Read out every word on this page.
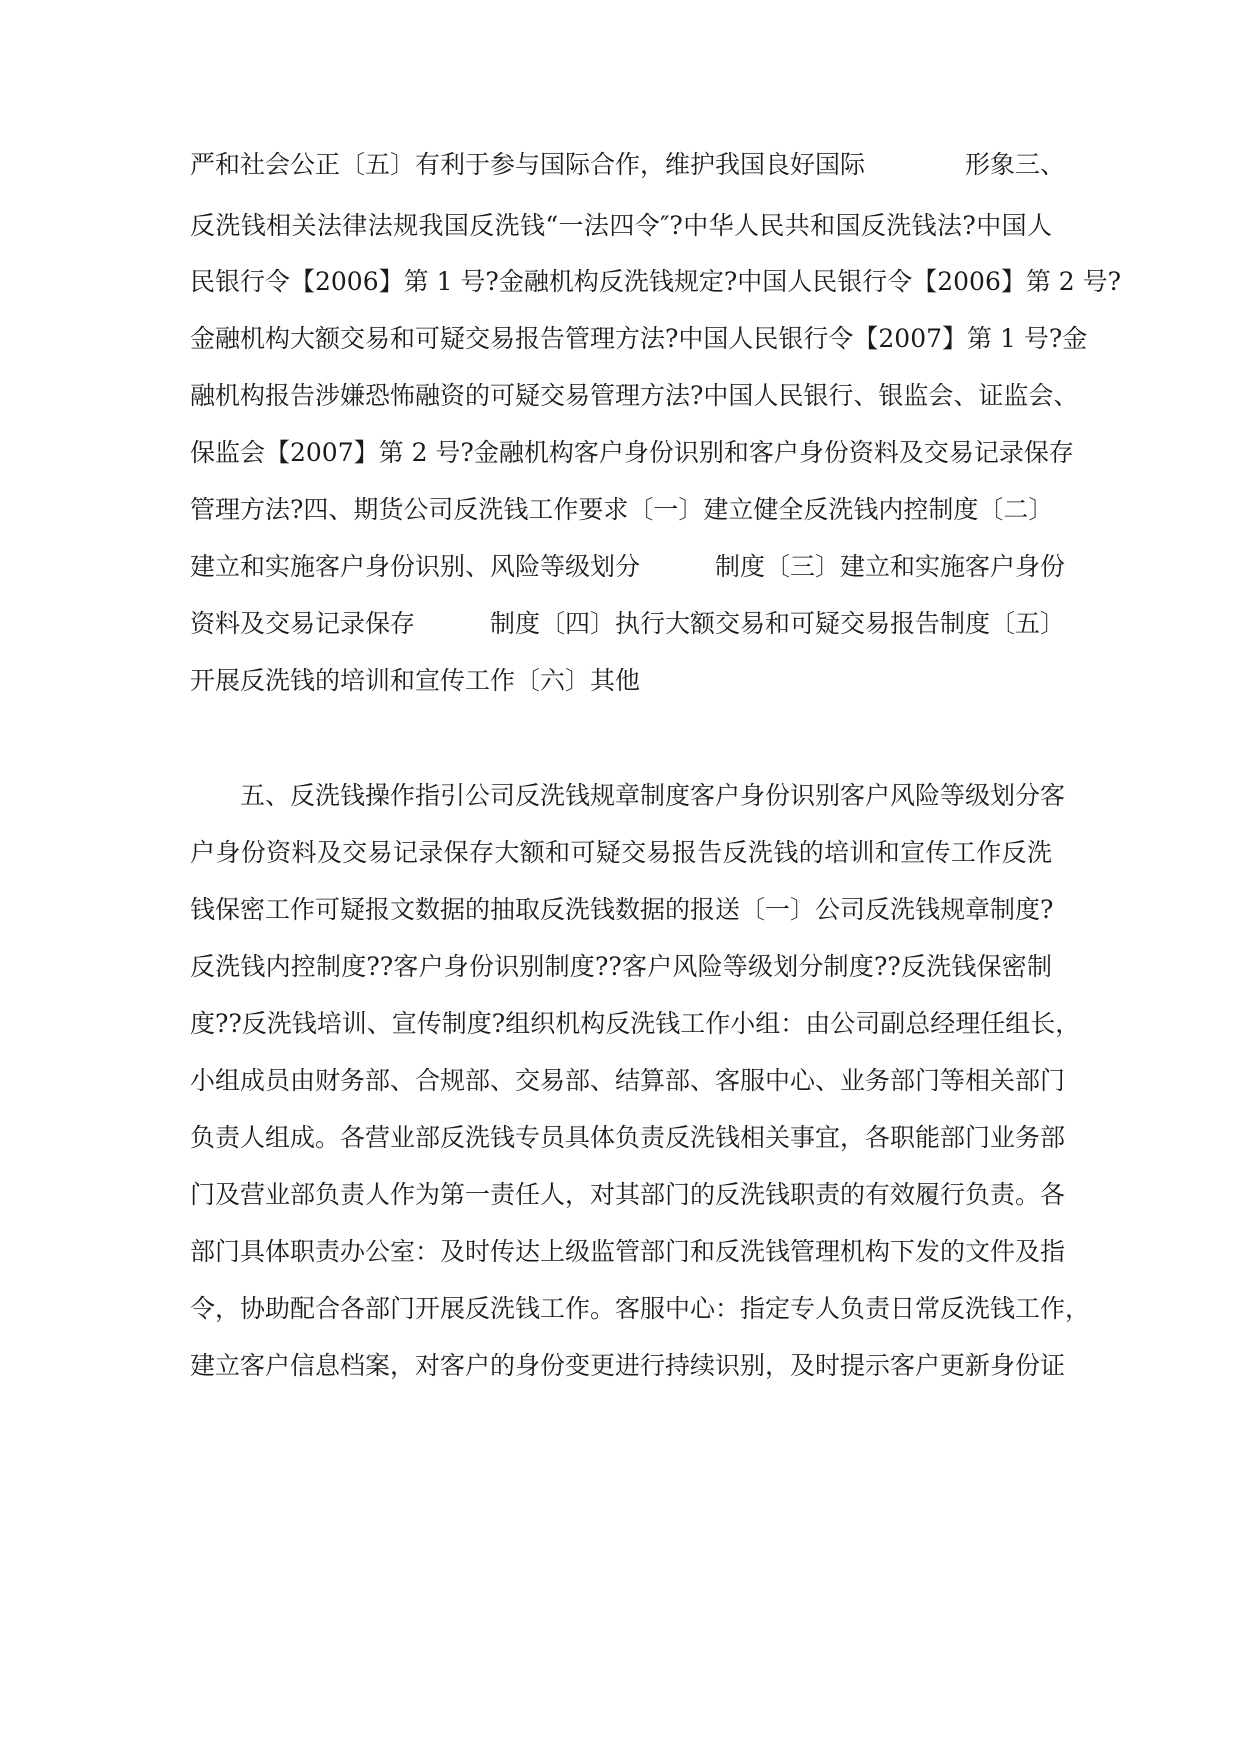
严和社会公正〔五〕有利于参与国际合作，维护我国良好国际　　　　形象三、
反洗钱相关法律法规我国反洗钱“一法四令″?中华人民共和国反洗钱法?中国人
民银行令【2006】第 1 号?金融机构反洗钱规定?中国人民银行令【2006】第 2 号?
金融机构大额交易和可疑交易报告管理方法?中国人民银行令【2007】第 1 号?金
融机构报告涉嫌恐怖融资的可疑交易管理方法?中国人民银行、银监会、证监会、
保监会【2007】第 2 号?金融机构客户身份识别和客户身份资料及交易记录保存
管理方法?四、期货公司反洗钱工作要求〔一〕建立健全反洗钱内控制度〔二〕
建立和实施客户身份识别、风险等级划分　　　制度〔三〕建立和实施客户身份
资料及交易记录保存　　　制度〔四〕执行大额交易和可疑交易报告制度〔五〕
开展反洗钱的培训和宣传工作〔六〕其他
五、反洗钱操作指引公司反洗钱规章制度客户身份识别客户风险等级划分客
户身份资料及交易记录保存大额和可疑交易报告反洗钱的培训和宣传工作反洗
钱保密工作可疑报文数据的抽取反洗钱数据的报送〔一〕公司反洗钱规章制度?
反洗钱内控制度??客户身份识别制度??客户风险等级划分制度??反洗钱保密制
度??反洗钱培训、宣传制度?组织机构反洗钱工作小组：由公司副总经理任组长，
小组成员由财务部、合规部、交易部、结算部、客服中心、业务部门等相关部门
负责人组成。各营业部反洗钱专员具体负责反洗钱相关事宜，各职能部门业务部
门及营业部负责人作为第一责任人，对其部门的反洗钱职责的有效履行负责。各
部门具体职责办公室：及时传达上级监管部门和反洗钱管理机构下发的文件及指
令，协助配合各部门开展反洗钱工作。客服中心：指定专人负责日常反洗钱工作，
建立客户信息档案，对客户的身份变更进行持续识别，及时提示客户更新身份证
